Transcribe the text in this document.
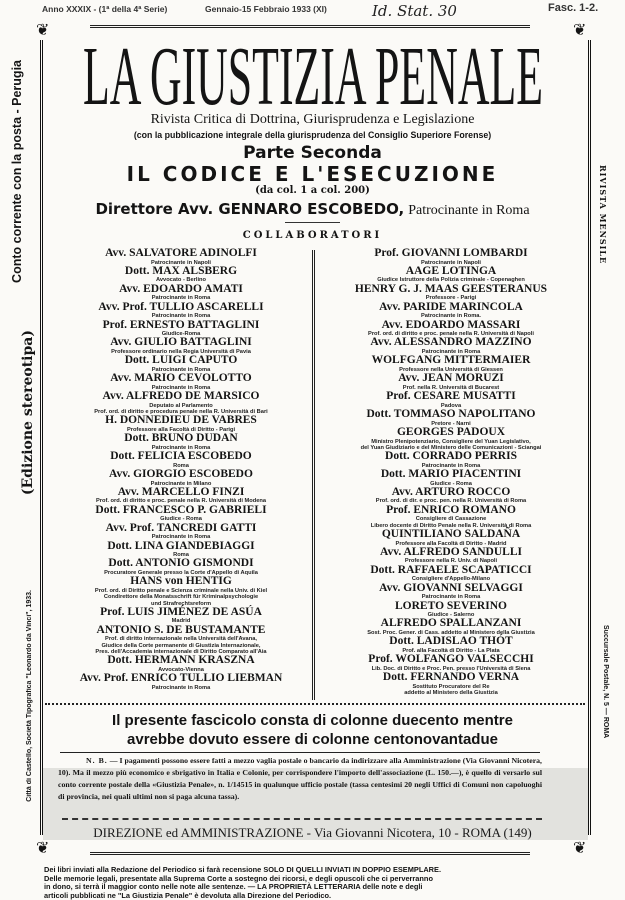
Anno XXXIX - (1ª della 4ª Serie)	Gennaio-15 Febbraio 1933 (XI)	Fasc. 1-2.
Id. Stat. 30
❦	❦
LA GIUSTIZIA PENALE
Rivista Critica di Dottrina, Giurisprudenza e Legislazione
(con la pubblicazione integrale della giurisprudenza del Consiglio Superiore Forense)
Parte Seconda
IL CODICE E L'ESECUZIONE
(da col. 1 a col. 200)
Direttore Avv. GENNARO ESCOBEDO, Patrocinante in Roma
COLLABORATORI
Avv. SALVATORE ADINOLFI
Patrocinante in Napoli
Dott. MAX ALSBERG
Avvocato - Berlino
Avv. EDOARDO AMATI
Patrocinante in Roma
Avv. Prof. TULLIO ASCARELLI
Patrocinante in Roma
Prof. ERNESTO BATTAGLINI
Giudice-Roma
Avv. GIULIO BATTAGLINI
Professore ordinario nella Regia Università di Pavia
Dott. LUIGI CAPUTO
Patrocinante in Roma
Avv. MARIO CEVOLOTTO
Patrocinante in Roma
Avv. ALFREDO DE MARSICO
Deputato al Parlamento
Prof. ord. di diritto e procedura penale nella R. Università di Bari
H. DONNEDIEU DE VABRES
Professore alla Facoltà di Diritto - Parigi
Dott. BRUNO DUDAN
Patrocinante in Roma
Dott. FELICIA ESCOBEDO
Roma
Avv. GIORGIO ESCOBEDO
Patrocinante in Milano
Avv. MARCELLO FINZI
Prof. ord. di diritto e proc. penale nella R. Università di Modena
Dott. FRANCESCO P. GABRIELI
Giudice - Roma
Avv. Prof. TANCREDI GATTI
Patrocinante in Roma
Dott. LINA GIANDEBIAGGI
Roma
Dott. ANTONIO GISMONDI
Procuratore Generale presso la Corte d'Appello di Aquila
HANS von HENTIG
Prof. ord. di Diritto penale e Scienza criminale nella Univ. di Kiel
Condirettore della Monatsschrift für Kriminalpsychologie
und Strafrechtsreform
Prof. LUIS JIMÉNEZ DE ASÚA
Madrid
ANTONIO S. DE BUSTAMANTE
Prof. di diritto internazionale nella Università dell'Avana,
Giudice della Corte permanente di Giustizia Internazionale,
Pres. dell'Accademia internazionale di Diritto Comparato all'Aia
Dott. HERMANN KRASZNA
Avvocato-Vienna
Avv. Prof. ENRICO TULLIO LIEBMAN
Patrocinante in Roma
Prof. GIOVANNI LOMBARDI
Patrocinante in Napoli
AAGE LOTINGA
Giudice Istruttore della Polizia criminale - Copenaghen
HENRY G. J. MAAS GEESTERANUS
Professore - Parigi
Avv. PARIDE MARINCOLA
Patrocinante in Roma.
Avv. EDOARDO MASSARI
Prof. ord. di diritto e proc. penale nella R. Università di Napoli
Avv. ALESSANDRO MAZZINO
Patrocinante in Roma
WOLFGANG MITTERMAIER
Professore nella Università di Giessen
Avv. JEAN MORUZI
Prof. nella R. Università di Bucarest
Prof. CESARE MUSATTI
Padova
Dott. TOMMASO NAPOLITANO
Pretore - Narni
GEORGES PADOUX
Ministro Plenipotenziario, Consigliere del Yuan Legislativo,
del Yuan Giudiziario e del Ministero delle Comunicazioni - Sciangai
Dott. CORRADO PERRIS
Patrocinante in Roma
Dott. MARIO PIACENTINI
Giudice - Roma
Avv. ARTURO ROCCO
Prof. ord. di dir. e proc. pen. nella R. Università di Roma
Prof. ENRICO ROMANO
Consigliere di Cassazione
Libero docente di Diritto Penale nella R. Università di Roma
QUINTILIANO SALDAÑA
Professore alla Facoltà di Diritto - Madrid
Avv. ALFREDO SANDULLI
Professore nella R. Univ. di Napoli
Dott. RAFFAELE SCAPATICCI
Consigliere d'Appello-Milano
Avv. GIOVANNI SELVAGGI
Patrocinante in Roma
LORETO SEVERINO
Giudice - Salerno
ALFREDO SPALLANZANI
Sost. Proc. Gener. di Cass. addetto al Ministero della Giustizia
Dott. LADISLAO THÓT
Prof. alla Facoltà di Diritto - La Plata
Prof. WOLFANGO VALSECCHI
Lib. Doc. di Diritto e Proc. Pen. presso l'Università di Siena
Dott. FERNANDO VERNA
Sostituto Procuratore del Re
addetto al Ministero della Giustizia
Conto corrente con la posta - Perugia
(Edizione stereotipa)
Città di Castello, Società Tipografica "Leonardo da Vinci", 1933.
RIVISTA MENSILE
Succursale Postale, N. 5 — ROMA
Il presente fascicolo consta di colonne duecento mentre
avrebbe dovuto essere di colonne centonovantadue
N. B. — I pagamenti possono essere fatti a mezzo vaglia postale o bancario da indirizzare alla Amministrazione (Via Giovanni Nicotera, 10). Ma il mezzo più economico e sbrigativo in Italia e Colonie, per corrispondere l'importo dell'associazione (L. 150.—), è quello di versarlo sul conto corrente postale della «Giustizia Penale», n. 1/14515 in qualunque ufficio postale (tassa centesimi 20 negli Uffici di Comuni non capoluoghi di provincia, nei quali ultimi non si paga alcuna tassa).
DIREZIONE ed AMMINISTRAZIONE - Via Giovanni Nicotera, 10 - ROMA (149)
❦	❦
Dei libri inviati alla Redazione del Periodico si farà recensione SOLO DI QUELLI INVIATI IN DOPPIO ESEMPLARE.
Delle memorie legali, presentate alla Suprema Corte a sostegno dei ricorsi, e degli opuscoli che ci perverranno
in dono, si terrà il maggior conto nelle note alle sentenze. — LA PROPRIETÀ LETTERARIA delle note e degli
articoli pubblicati ne "La Giustizia Penale" è devoluta alla Direzione del Periodico.
